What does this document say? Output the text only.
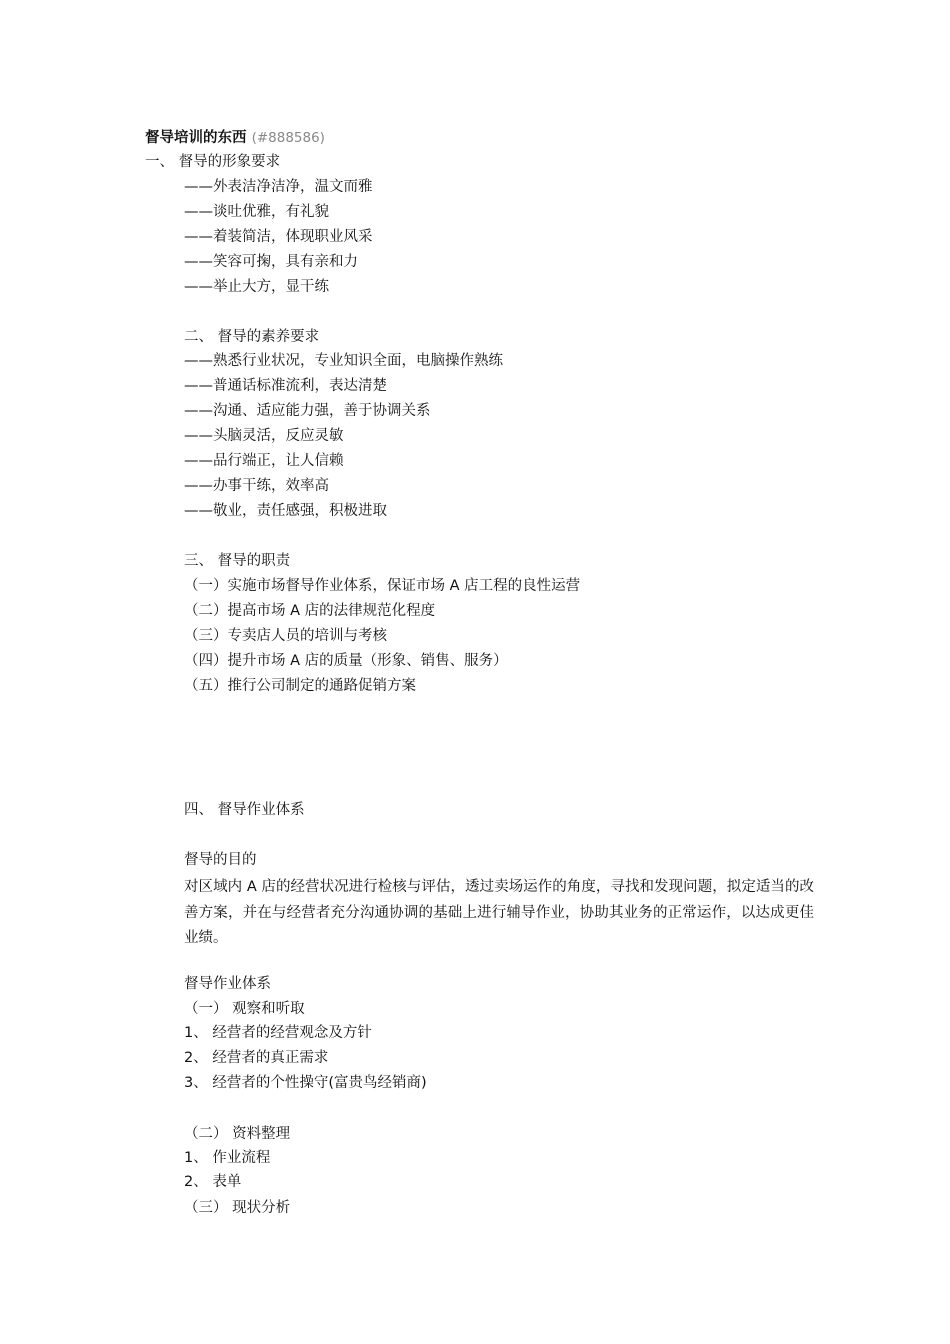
督导培训的东西 (#888586)
一、 督导的形象要求
——外表洁净洁净，温文而雅
——谈吐优雅，有礼貌
——着装简洁，体现职业风采
——笑容可掬，具有亲和力
——举止大方，显干练
二、 督导的素养要求
——熟悉行业状况，专业知识全面，电脑操作熟练
——普通话标准流利，表达清楚
——沟通、适应能力强，善于协调关系
——头脑灵活，反应灵敏
——品行端正，让人信赖
——办事干练，效率高
——敬业，责任感强，积极进取
三、 督导的职责
（一）实施市场督导作业体系，保证市场 A 店工程的良性运营
（二）提高市场 A 店的法律规范化程度
（三）专卖店人员的培训与考核
（四）提升市场 A 店的质量（形象、销售、服务）
（五）推行公司制定的通路促销方案
四、 督导作业体系
督导的目的
对区域内 A 店的经营状况进行检核与评估，透过卖场运作的角度，寻找和发现问题，拟定适当的改善方案，并在与经营者充分沟通协调的基础上进行辅导作业，协助其业务的正常运作，以达成更佳业绩。
督导作业体系
（一） 观察和听取
1、 经营者的经营观念及方针
2、 经营者的真正需求
3、 经营者的个性操守(富贵鸟经销商)
（二） 资料整理
1、 作业流程
2、 表单
（三） 现状分析
